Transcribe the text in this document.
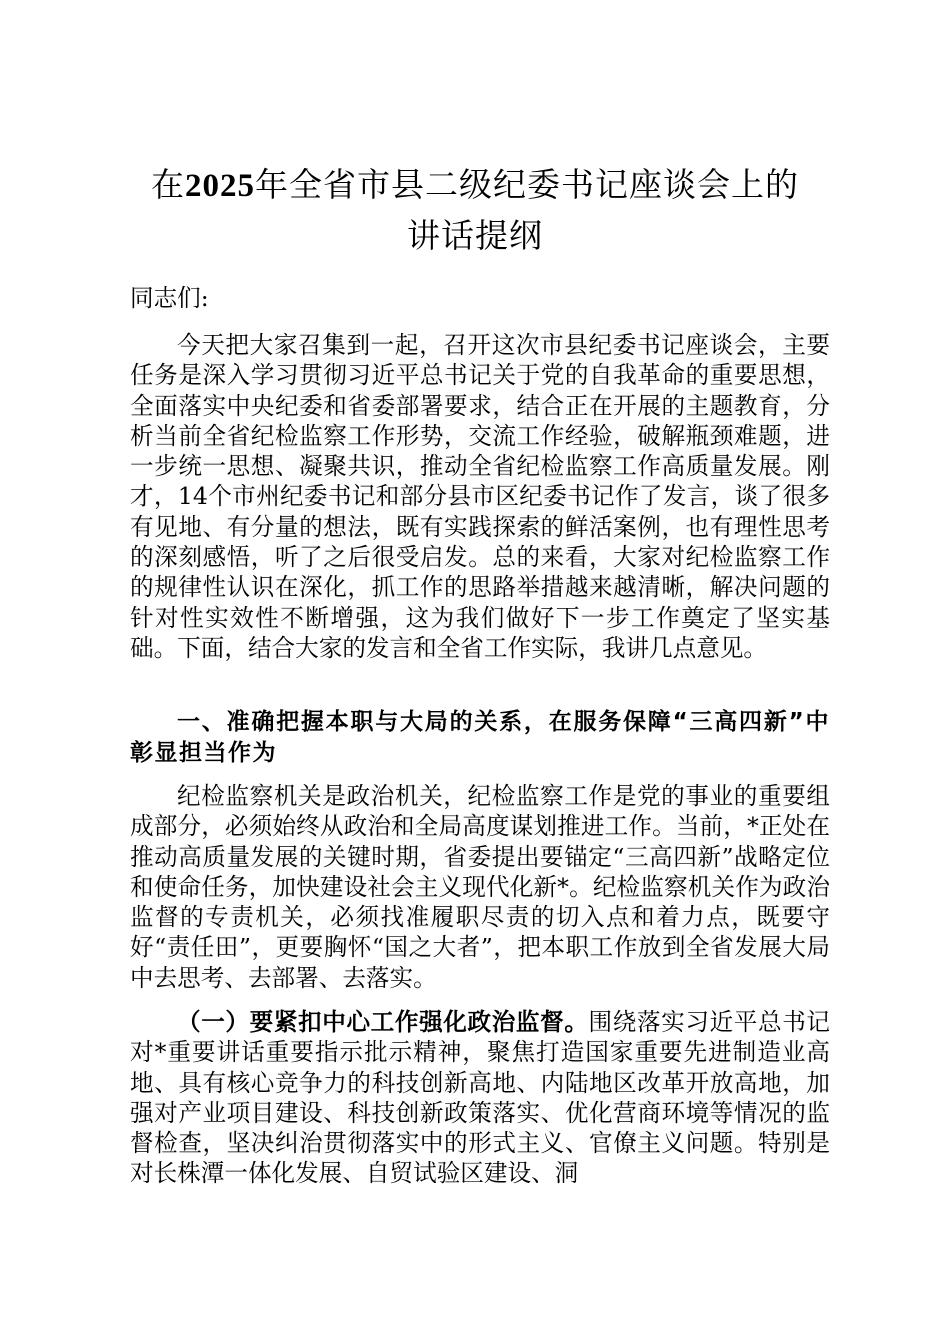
在2025年全省市县二级纪委书记座谈会上的
讲话提纲

同志们:

今天把大家召集到一起，召开这次市县纪委书记座谈会，主要任务是深入学习贯彻习近平总书记关于党的自我革命的重要思想，全面落实中央纪委和省委部署要求，结合正在开展的主题教育，分析当前全省纪检监察工作形势，交流工作经验，破解瓶颈难题，进一步统一思想、凝聚共识，推动全省纪检监察工作高质量发展。刚才，14个市州纪委书记和部分县市区纪委书记作了发言，谈了很多有见地、有分量的想法，既有实践探索的鲜活案例，也有理性思考的深刻感悟，听了之后很受启发。总的来看，大家对纪检监察工作的规律性认识在深化，抓工作的思路举措越来越清晰，解决问题的针对性实效性不断增强，这为我们做好下一步工作奠定了坚实基础。下面，结合大家的发言和全省工作实际，我讲几点意见。

一、准确把握本职与大局的关系，在服务保障“三高四新”中彰显担当作为

纪检监察机关是政治机关，纪检监察工作是党的事业的重要组成部分，必须始终从政治和全局高度谋划推进工作。当前，*正处在推动高质量发展的关键时期，省委提出要锚定“三高四新”战略定位和使命任务，加快建设社会主义现代化新*。纪检监察机关作为政治监督的专责机关，必须找准履职尽责的切入点和着力点，既要守好“责任田”，更要胸怀“国之大者”，把本职工作放到全省发展大局中去思考、去部署、去落实。

（一）要紧扣中心工作强化政治监督。围绕落实习近平总书记对*重要讲话重要指示批示精神，聚焦打造国家重要先进制造业高地、具有核心竞争力的科技创新高地、内陆地区改革开放高地，加强对产业项目建设、科技创新政策落实、优化营商环境等情况的监督检查，坚决纠治贯彻落实中的形式主义、官僚主义问题。特别是对长株潭一体化发展、自贸试验区建设、洞
